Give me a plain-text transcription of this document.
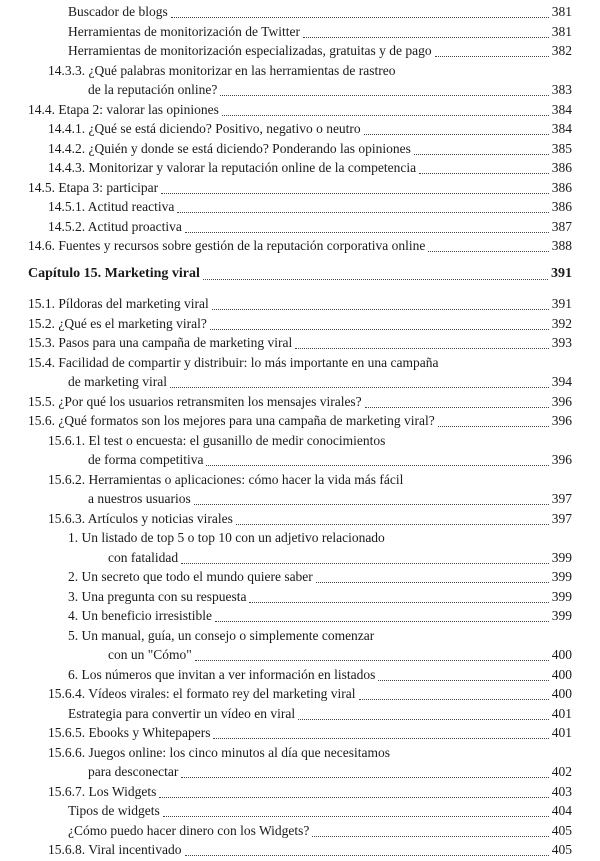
Buscador de blogs	381
Herramientas de monitorización de Twitter	381
Herramientas de monitorización especializadas, gratuitas y de pago	382
14.3.3. ¿Qué palabras monitorizar en las herramientas de rastreo
de la reputación online?	383
14.4. Etapa 2: valorar las opiniones	384
14.4.1. ¿Qué se está diciendo? Positivo, negativo o neutro	384
14.4.2. ¿Quién y donde se está diciendo? Ponderando las opiniones	385
14.4.3. Monitorizar y valorar la reputación online de la competencia	386
14.5. Etapa 3: participar	386
14.5.1. Actitud reactiva	386
14.5.2. Actitud proactiva	387
14.6. Fuentes y recursos sobre gestión de la reputación corporativa online	388
Capítulo 15. Marketing viral	391
15.1. Píldoras del marketing viral	391
15.2. ¿Qué es el marketing viral?	392
15.3. Pasos para una campaña de marketing viral	393
15.4. Facilidad de compartir y distribuir: lo más importante en una campaña
de marketing viral	394
15.5. ¿Por qué los usuarios retransmiten los mensajes virales?	396
15.6. ¿Qué formatos son los mejores para una campaña de marketing viral?	396
15.6.1. El test o encuesta: el gusanillo de medir conocimientos
de forma competitiva	396
15.6.2. Herramientas o aplicaciones: cómo hacer la vida más fácil
a nuestros usuarios	397
15.6.3. Artículos y noticias virales	397
1. Un listado de top 5 o top 10 con un adjetivo relacionado
con fatalidad	399
2. Un secreto que todo el mundo quiere saber	399
3. Una pregunta con su respuesta	399
4. Un beneficio irresistible	399
5. Un manual, guía, un consejo o simplemente comenzar
con un "Cómo"	400
6. Los números que invitan a ver información en listados	400
15.6.4. Vídeos virales: el formato rey del marketing viral	400
Estrategia para convertir un vídeo en viral	401
15.6.5. Ebooks y Whitepapers	401
15.6.6. Juegos online: los cinco minutos al día que necesitamos
para desconectar	402
15.6.7. Los Widgets	403
Tipos de widgets	404
¿Cómo puedo hacer dinero con los Widgets?	405
15.6.8. Viral incentivado	405
